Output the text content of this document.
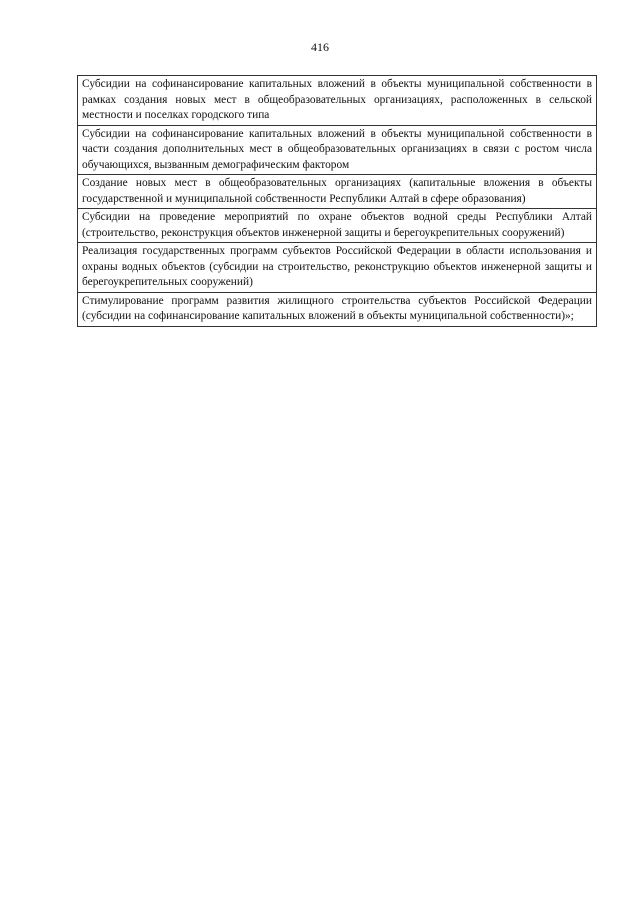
416
Субсидии на софинансирование капитальных вложений в объекты муниципальной собственности в рамках создания новых мест в общеобразовательных организациях, расположенных в сельской местности и поселках городского типа
Субсидии на софинансирование капитальных вложений в объекты муниципальной собственности в части создания дополнительных мест в общеобразовательных организациях в связи с ростом числа обучающихся, вызванным демографическим фактором
Создание новых мест в общеобразовательных организациях (капитальные вложения в объекты государственной и муниципальной собственности Республики Алтай в сфере образования)
Субсидии на проведение мероприятий по охране объектов водной среды Республики Алтай (строительство, реконструкция объектов инженерной защиты и берегоукрепительных сооружений)
Реализация государственных программ субъектов Российской Федерации в области использования и охраны водных объектов (субсидии на строительство, реконструкцию объектов инженерной защиты и берегоукрепительных сооружений)
Стимулирование программ развития жилищного строительства субъектов Российской Федерации (субсидии на софинансирование капитальных вложений в объекты муниципальной собственности)»;
